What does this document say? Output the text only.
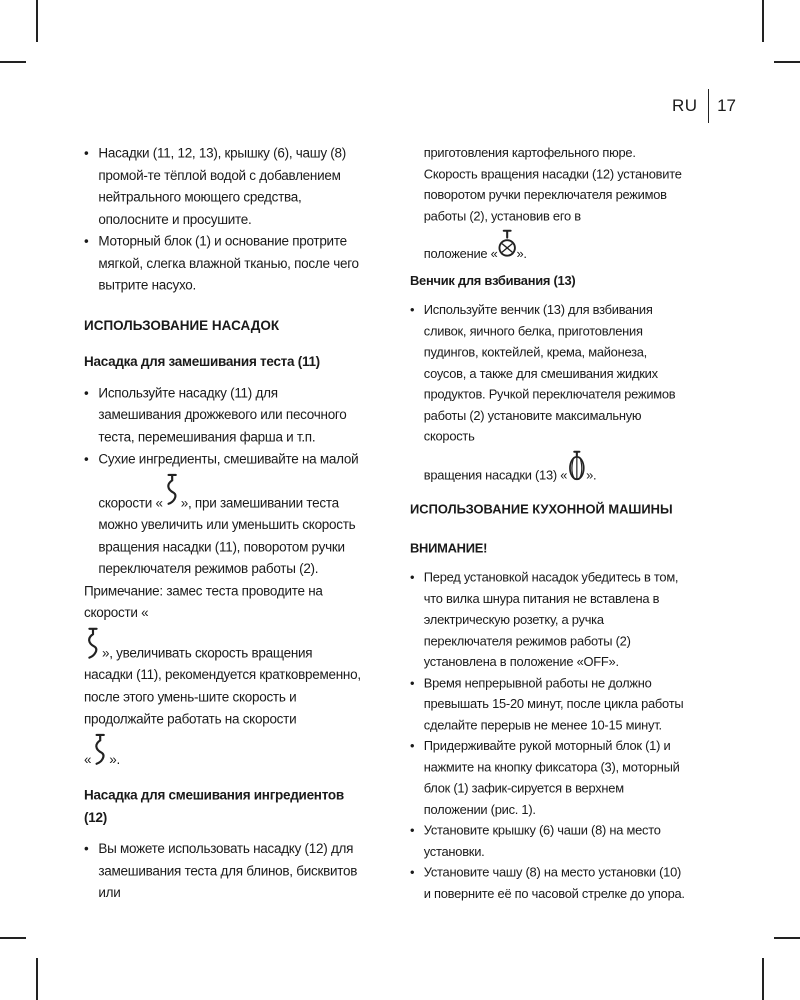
RU	17

• Насадки (11, 12, 13), крышку (6), чашу (8) промой-те тёплой водой с добавлением нейтрального моющего средства, ополосните и просушите.

• Моторный блок (1) и основание протрите мягкой, слегка влажной тканью, после чего вытрите насухо.

ИСПОЛЬЗОВАНИЕ НАСАДОК

Насадка для замешивания теста (11)

• Используйте насадку (11) для замешивания дрожжевого или песочного теста, перемешивания фарша и т.п.

• Сухие ингредиенты, смешивайте на малой
скорости « », при замешивании теста можно увеличить или уменьшить скорость вращения насадки (11), поворотом ручки переключателя режимов работы (2).
Примечание: замес теста проводите на скорости «
», увеличивать скорость вращения насадки (11), рекомендуется кратковременно, после этого умень-шите скорость и продолжайте работать на скорости
« ».

Насадка для смешивания ингредиентов (12)

• Вы можете использовать насадку (12) для замешивания теста для блинов, бисквитов или

приготовления картофельного пюре. Скорость вращения насадки (12) установите поворотом ручки переключателя режимов работы (2), установив его в
положение « ».

Венчик для взбивания (13)

• Используйте венчик (13) для взбивания сливок, яичного белка, приготовления пудингов, коктейлей, крема, майонеза, соусов, а также для смешивания жидких продуктов. Ручкой переключателя режимов работы (2) установите максимальную скорость
вращения насадки (13) « ».

ИСПОЛЬЗОВАНИЕ КУХОННОЙ МАШИНЫ

ВНИМАНИЕ!

• Перед установкой насадок убедитесь в том, что вилка шнура питания не вставлена в электрическую розетку, а ручка переключателя режимов работы (2) установлена в положение «OFF».

• Время непрерывной работы не должно превышать 15-20 минут, после цикла работы сделайте перерыв не менее 10-15 минут.

• Придерживайте рукой моторный блок (1) и нажмите на кнопку фиксатора (3), моторный блок (1) зафик-сируется в верхнем положении (рис. 1).

• Установите крышку (6) чаши (8) на место установки.

• Установите чашу (8) на место установки (10) и поверните её по часовой стрелке до упора.
